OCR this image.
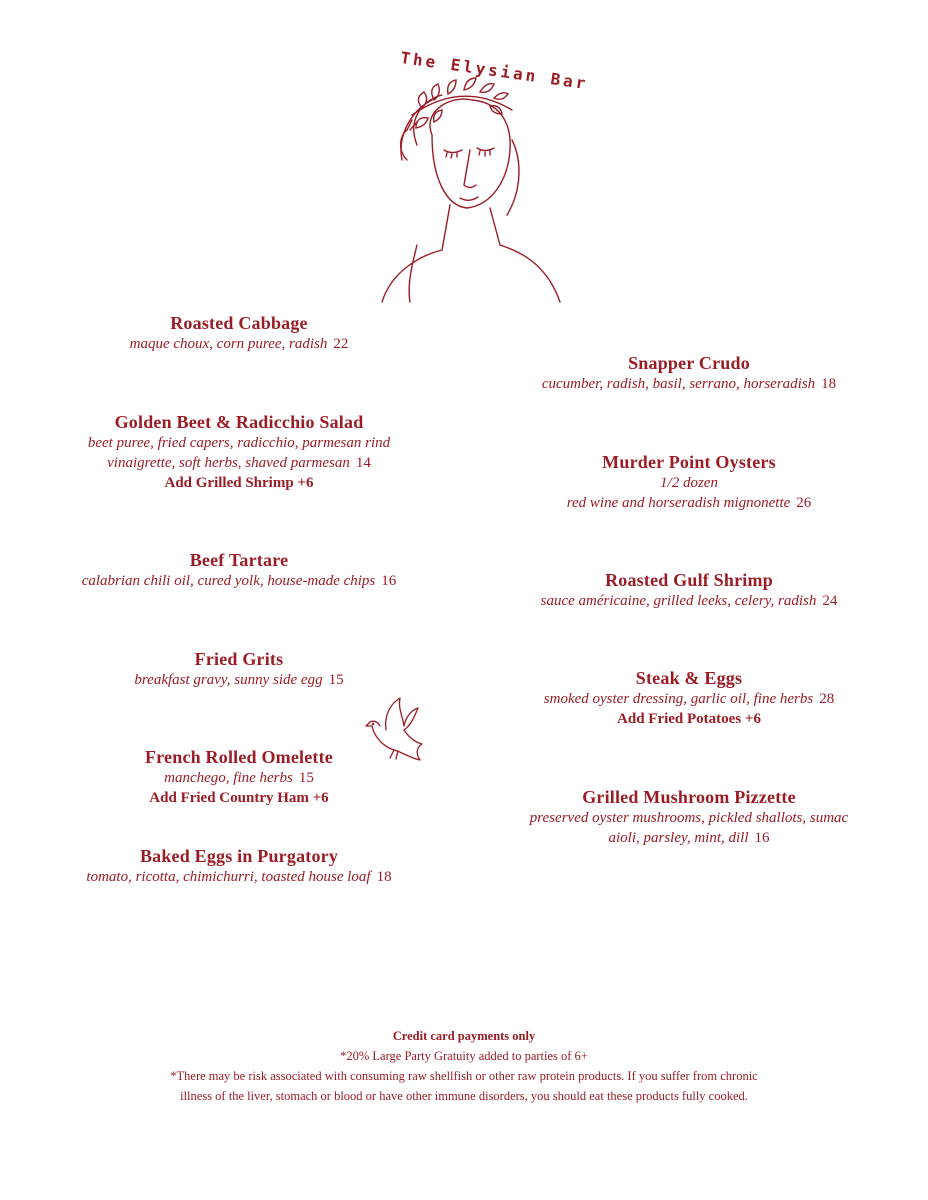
The Elysian Bar
Roasted Cabbage
maque choux, corn puree, radish 22
Golden Beet & Radicchio Salad
beet puree, fried capers, radicchio, parmesan rind
vinaigrette, soft herbs, shaved parmesan 14
Add Grilled Shrimp +6
Beef Tartare
calabrian chili oil, cured yolk, house-made chips 16
Fried Grits
breakfast gravy, sunny side egg 15
French Rolled Omelette
manchego, fine herbs 15
Add Fried Country Ham +6
Baked Eggs in Purgatory
tomato, ricotta, chimichurri, toasted house loaf 18
Snapper Crudo
cucumber, radish, basil, serrano, horseradish 18
Murder Point Oysters
1/2 dozen
red wine and horseradish mignonette 26
Roasted Gulf Shrimp
sauce américaine, grilled leeks, celery, radish 24
Steak & Eggs
smoked oyster dressing, garlic oil, fine herbs 28
Add Fried Potatoes +6
Grilled Mushroom Pizzette
preserved oyster mushrooms, pickled shallots, sumac
aioli, parsley, mint, dill 16
Credit card payments only
*20% Large Party Gratuity added to parties of 6+
*There may be risk associated with consuming raw shellfish or other raw protein products. If you suffer from chronic
illness of the liver, stomach or blood or have other immune disorders, you should eat these products fully cooked.
